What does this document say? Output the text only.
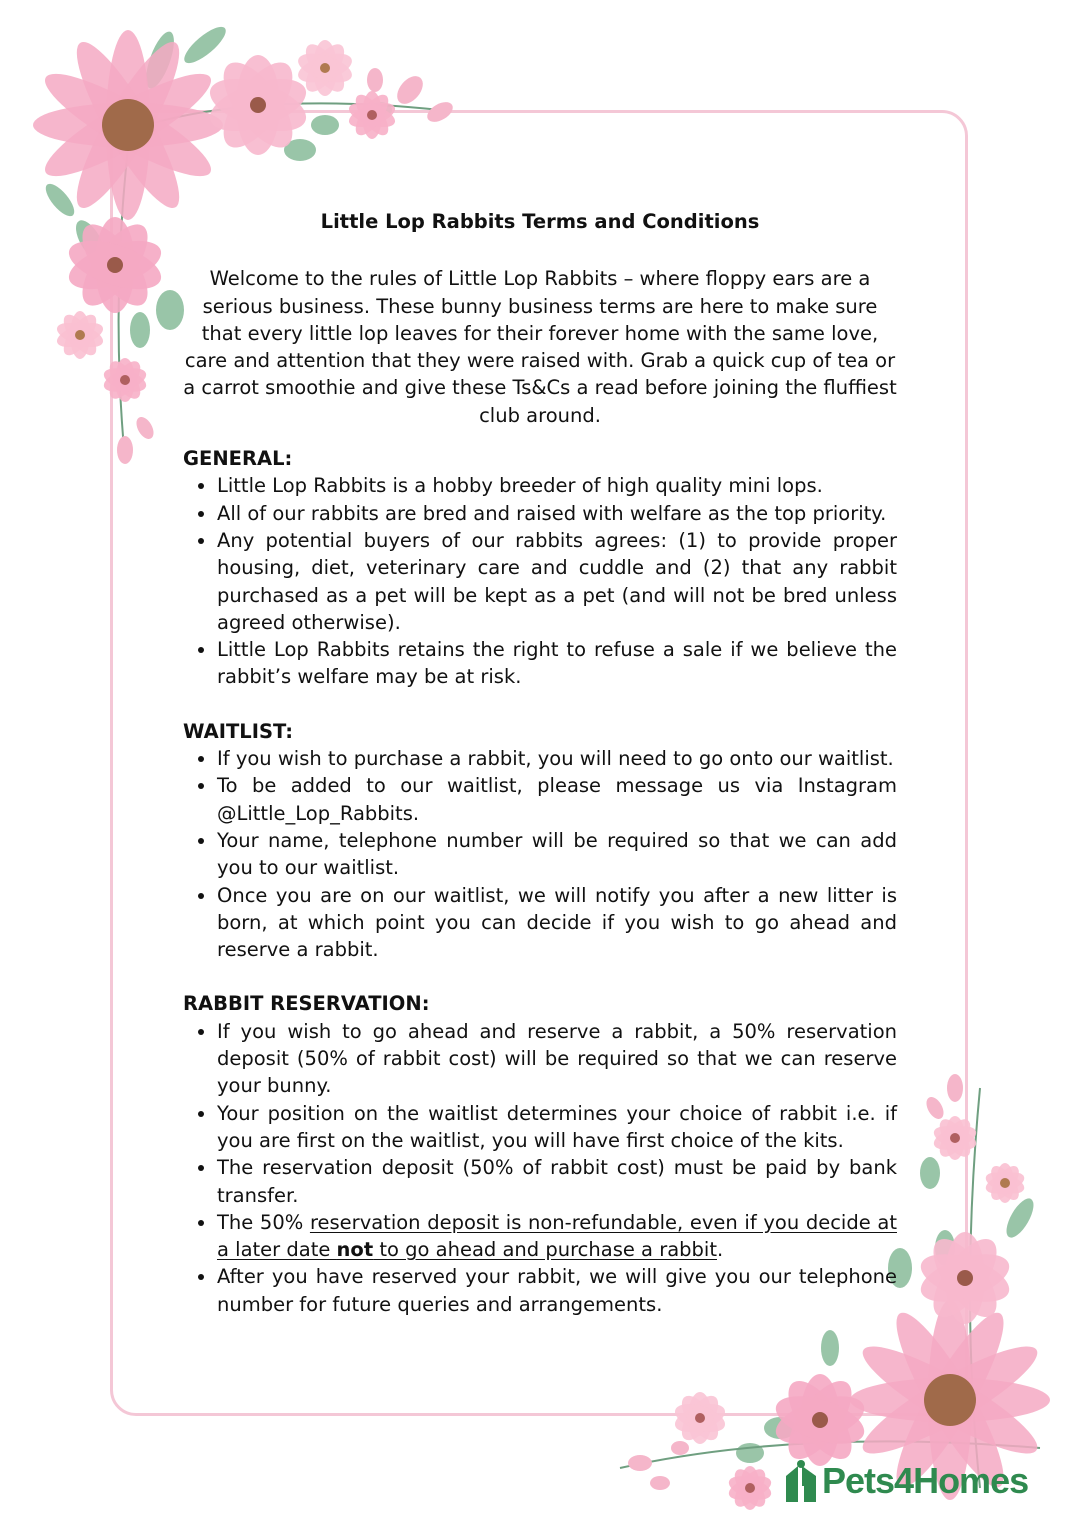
Little Lop Rabbits Terms and Conditions

Welcome to the rules of Little Lop Rabbits – where floppy ears are a serious business. These bunny business terms are here to make sure that every little lop leaves for their forever home with the same love, care and attention that they were raised with. Grab a quick cup of tea or a carrot smoothie and give these Ts&Cs a read before joining the fluffiest club around.

GENERAL:

• Little Lop Rabbits is a hobby breeder of high quality mini lops.
• All of our rabbits are bred and raised with welfare as the top priority.
• Any potential buyers of our rabbits agrees: (1) to provide proper housing, diet, veterinary care and cuddle and (2) that any rabbit purchased as a pet will be kept as a pet (and will not be bred unless agreed otherwise).
• Little Lop Rabbits retains the right to refuse a sale if we believe the rabbit’s welfare may be at risk.

WAITLIST:

• If you wish to purchase a rabbit, you will need to go onto our waitlist.
• To be added to our waitlist, please message us via Instagram @Little_Lop_Rabbits.
• Your name, telephone number will be required so that we can add you to our waitlist.
• Once you are on our waitlist, we will notify you after a new litter is born, at which point you can decide if you wish to go ahead and reserve a rabbit.

RABBIT RESERVATION:

• If you wish to go ahead and reserve a rabbit, a 50% reservation deposit (50% of rabbit cost) will be required so that we can reserve your bunny.
• Your position on the waitlist determines your choice of rabbit i.e. if you are first on the waitlist, you will have first choice of the kits.
• The reservation deposit (50% of rabbit cost) must be paid by bank transfer.
• The 50% reservation deposit is non-refundable, even if you decide at a later date not to go ahead and purchase a rabbit.
• After you have reserved your rabbit, we will give you our telephone number for future queries and arrangements.
Pets4Homes
